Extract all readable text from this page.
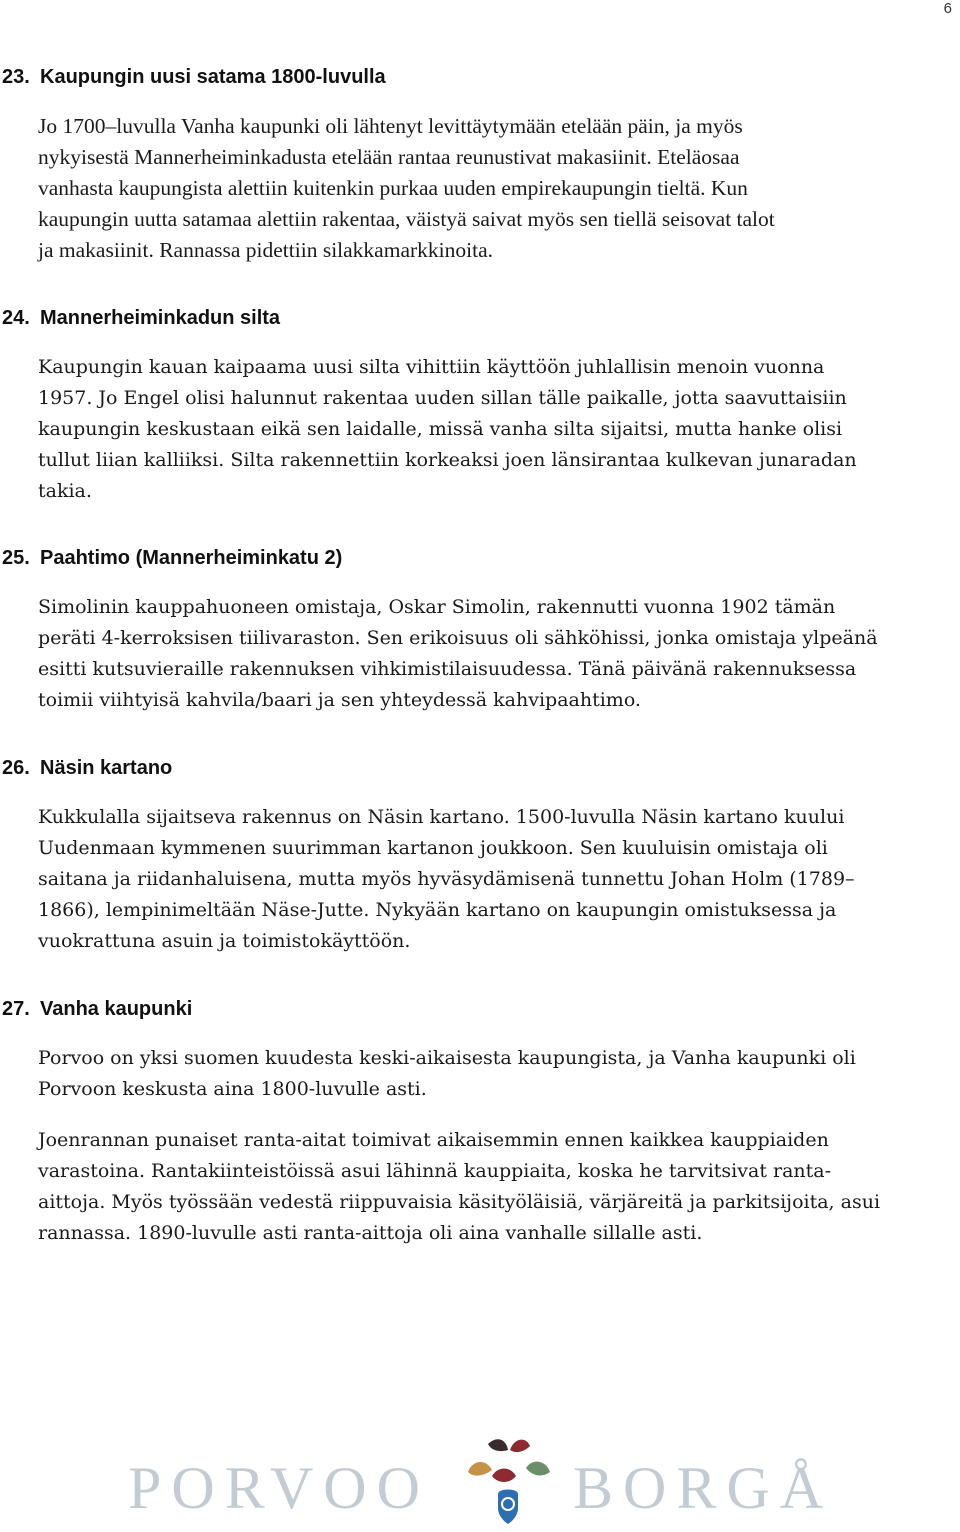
6
23. Kaupungin uusi satama 1800-luvulla

Jo 1700–luvulla Vanha kaupunki oli lähtenyt levittäytymään etelään päin, ja myös
nykyisestä Mannerheiminkadusta etelään rantaa reunustivat makasiinit. Eteläosaa
vanhasta kaupungista alettiin kuitenkin purkaa uuden empirekaupungin tieltä. Kun
kaupungin uutta satamaa alettiin rakentaa, väistyä saivat myös sen tiellä seisovat talot
ja makasiinit. Rannassa pidettiin silakkamarkkinoita.

24. Mannerheiminkadun silta

Kaupungin kauan kaipaama uusi silta vihittiin käyttöön juhlallisin menoin vuonna
1957. Jo Engel olisi halunnut rakentaa uuden sillan tälle paikalle, jotta saavuttaisiin
kaupungin keskustaan eikä sen laidalle, missä vanha silta sijaitsi, mutta hanke olisi
tullut liian kalliiksi. Silta rakennettiin korkeaksi joen länsirantaa kulkevan junaradan
takia.

25. Paahtimo (Mannerheiminkatu 2)

Simolinin kauppahuoneen omistaja, Oskar Simolin, rakennutti vuonna 1902 tämän
peräti 4-kerroksisen tiilivaraston. Sen erikoisuus oli sähköhissi, jonka omistaja ylpeänä
esitti kutsuvieraille rakennuksen vihkimistilaisuudessa. Tänä päivänä rakennuksessa
toimii viihtyisä kahvila/baari ja sen yhteydessä kahvipaahtimo.

26. Näsin kartano

Kukkulalla sijaitseva rakennus on Näsin kartano. 1500-luvulla Näsin kartano kuului
Uudenmaan kymmenen suurimman kartanon joukkoon. Sen kuuluisin omistaja oli
saitana ja riidanhaluisena, mutta myös hyväsydämisenä tunnettu Johan Holm (1789–
1866), lempinimeltään Näse-Jutte. Nykyään kartano on kaupungin omistuksessa ja
vuokrattuna asuin ja toimistokäyttöön.

27. Vanha kaupunki

Porvoo on yksi suomen kuudesta keski-aikaisesta kaupungista, ja Vanha kaupunki oli
Porvoon keskusta aina 1800-luvulle asti.

Joenrannan punaiset ranta-aitat toimivat aikaisemmin ennen kaikkea kauppiaiden
varastoina. Rantakiinteistöissä asui lähinnä kauppiaita, koska he tarvitsivat ranta-
aittoja. Myös työssään vedestä riippuvaisia käsityöläisiä, värjäreitä ja parkitsijoita, asui
rannassa. 1890-luvulle asti ranta-aittoja oli aina vanhalle sillalle asti.

PORVOO BORGÅ
